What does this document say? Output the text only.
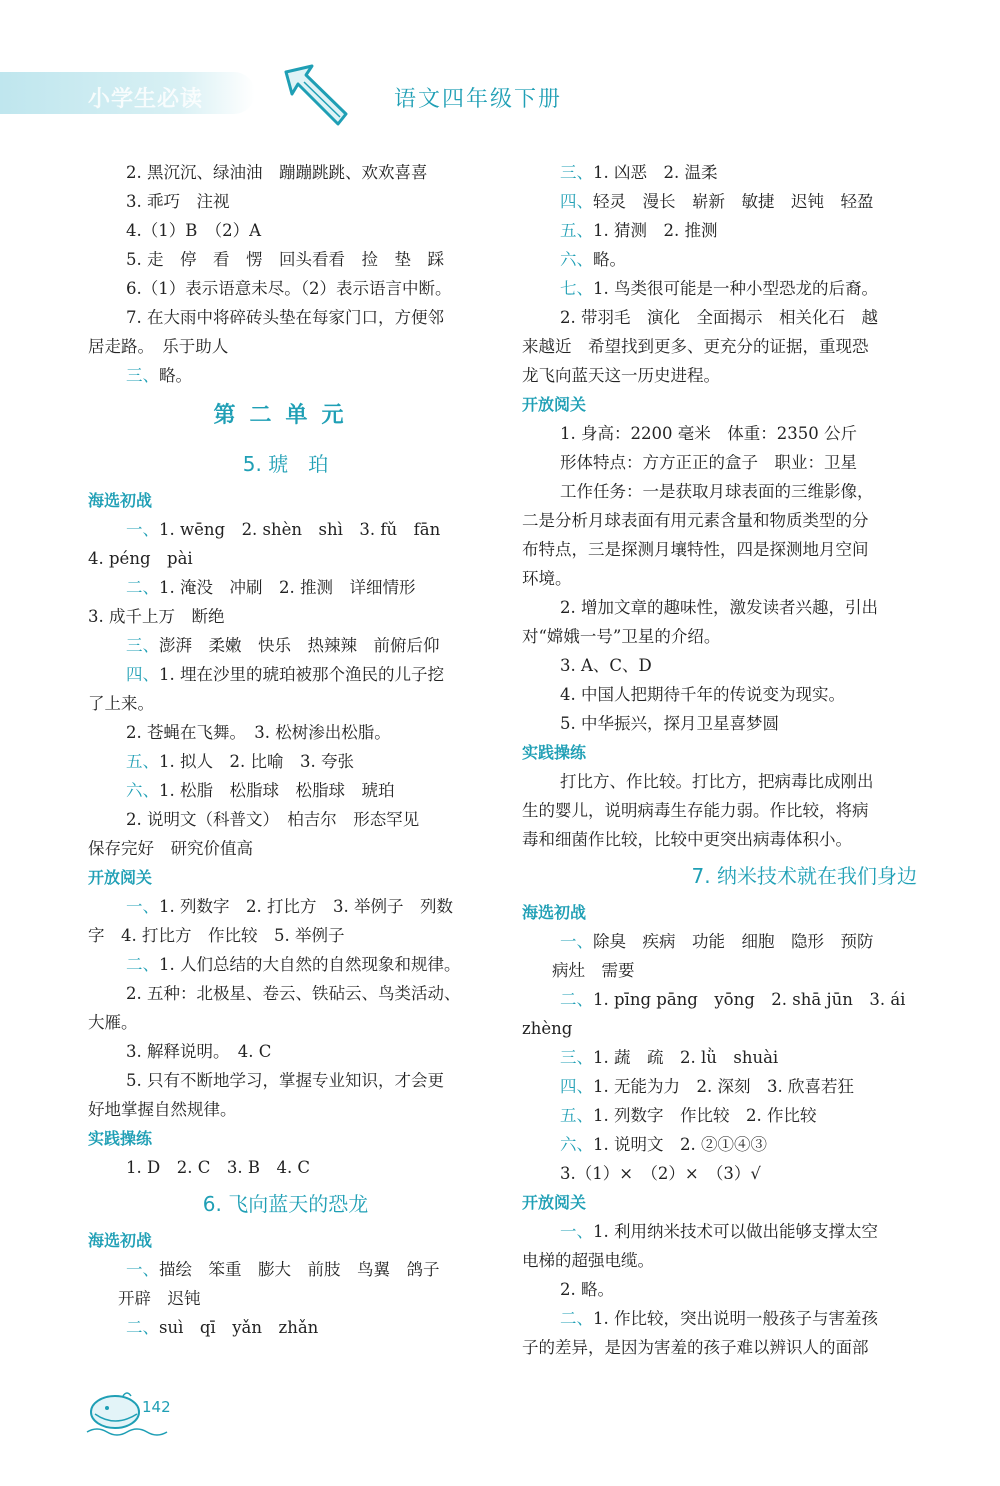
小学生必读	语文四年级下册
2. 黑沉沉、绿油油　蹦蹦跳跳、欢欢喜喜
3. 乖巧　注视
4.（1）B　（2）A
5. 走　停　看　愣　回头看看　捡　垫　踩
6.（1）表示语意未尽。（2）表示语言中断。
7. 在大雨中将碎砖头垫在每家门口，方便邻
居走路。　乐于助人
三、略。
第二单元
5. 琥　珀
海选初战
一、1. wēng　2. shèn　shì　3. fǔ　fān
4. péng　pài
二、1. 淹没　冲刷　2. 推测　详细情形
3. 成千上万　断绝
三、澎湃　柔嫩　快乐　热辣辣　前俯后仰
四、1. 埋在沙里的琥珀被那个渔民的儿子挖
了上来。
2. 苍蝇在飞舞。　3. 松树渗出松脂。
五、1. 拟人　2. 比喻　3. 夸张
六、1. 松脂　松脂球　松脂球　琥珀
2. 说明文（科普文）　柏吉尔　形态罕见
保存完好　研究价值高
开放阅关
一、1. 列数字　2. 打比方　3. 举例子　列数
字　4. 打比方　作比较　5. 举例子
二、1. 人们总结的大自然的自然现象和规律。
2. 五种：北极星、卷云、铁砧云、鸟类活动、
大雁。
3. 解释说明。　4. C
5. 只有不断地学习，掌握专业知识，才会更
好地掌握自然规律。
实践操练
1. D　2. C　3. B　4. C
6. 飞向蓝天的恐龙
海选初战
一、描绘　笨重　膨大　前肢　鸟翼　鸽子
开辟　迟钝
二、suì　qī　yǎn　zhǎn
三、1. 凶恶　2. 温柔
四、轻灵　漫长　崭新　敏捷　迟钝　轻盈
五、1. 猜测　2. 推测
六、略。
七、1. 鸟类很可能是一种小型恐龙的后裔。
2. 带羽毛　演化　全面揭示　相关化石　越
来越近　希望找到更多、更充分的证据，重现恐
龙飞向蓝天这一历史进程。
开放阅关
1. 身高：2200 毫米　体重：2350 公斤
形体特点：方方正正的盒子　职业：卫星
工作任务：一是获取月球表面的三维影像，
二是分析月球表面有用元素含量和物质类型的分
布特点，三是探测月壤特性，四是探测地月空间
环境。
2. 增加文章的趣味性，激发读者兴趣，引出
对“嫦娥一号”卫星的介绍。
3. A、C、D
4. 中国人把期待千年的传说变为现实。
5. 中华振兴，探月卫星喜梦圆
实践操练
打比方、作比较。打比方，把病毒比成刚出
生的婴儿，说明病毒生存能力弱。作比较，将病
毒和细菌作比较，比较中更突出病毒体积小。
7. 纳米技术就在我们身边
海选初战
一、除臭　疾病　功能　细胞　隐形　预防
病灶　需要
二、1. pīng pāng　yōng　2. shā jūn　3. ái
zhèng
三、1. 蔬　疏　2. lǜ　shuài
四、1. 无能为力　2. 深刻　3. 欣喜若狂
五、1. 列数字　作比较　2. 作比较
六、1. 说明文　2. ②①④③
3.（1）×　（2）×　（3）√
开放阅关
一、1. 利用纳米技术可以做出能够支撑太空
电梯的超强电缆。
2. 略。
二、1. 作比较，突出说明一般孩子与害羞孩
子的差异，是因为害羞的孩子难以辨识人的面部
142
